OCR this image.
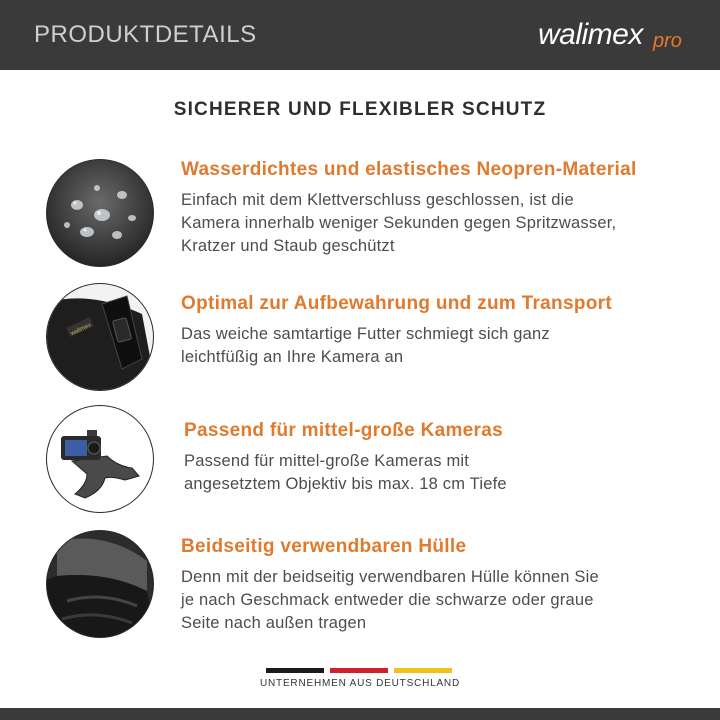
PRODUKTDETAILS	walimex pro
SICHERER UND FLEXIBLER SCHUTZ
Wasserdichtes und elastisches Neopren-Material
Einfach mit dem Klettverschluss geschlossen, ist die
Kamera innerhalb weniger Sekunden gegen Spritzwasser,
Kratzer und Staub geschützt
walimex
Optimal zur Aufbewahrung und zum Transport
Das weiche samtartige Futter schmiegt sich ganz
leichtfüßig an Ihre Kamera an
Passend für mittel-große Kameras
Passend für mittel-große Kameras mit
angesetztem Objektiv bis max. 18 cm Tiefe
Beidseitig verwendbaren Hülle
Denn mit der beidseitig verwendbaren Hülle können Sie
je nach Geschmack entweder die schwarze oder graue
Seite nach außen tragen
UNTERNEHMEN AUS DEUTSCHLAND
